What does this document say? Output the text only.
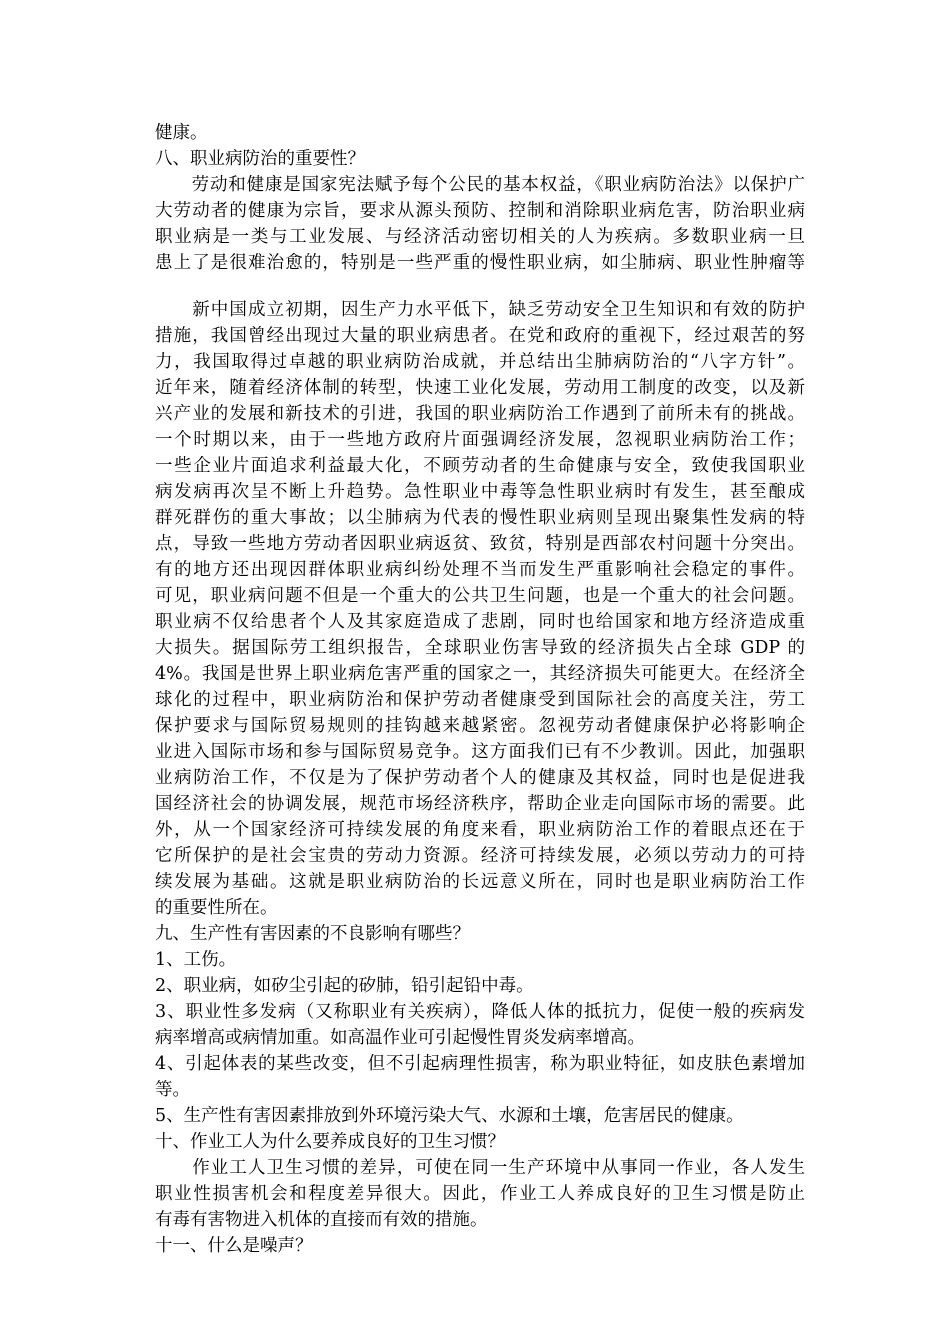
健康。
八、职业病防治的重要性？
　　劳动和健康是国家宪法赋予每个公民的基本权益，《职业病防治法》以保护广
大劳动者的健康为宗旨，要求从源头预防、控制和消除职业病危害，防治职业病
职业病是一类与工业发展、与经济活动密切相关的人为疾病。多数职业病一旦
患上了是很难治愈的，特别是一些严重的慢性职业病，如尘肺病、职业性肿瘤等
　　新中国成立初期，因生产力水平低下，缺乏劳动安全卫生知识和有效的防护
措施，我国曾经出现过大量的职业病患者。在党和政府的重视下，经过艰苦的努
力，我国取得过卓越的职业病防治成就，并总结出尘肺病防治的“八字方针”。
近年来，随着经济体制的转型，快速工业化发展，劳动用工制度的改变，以及新
兴产业的发展和新技术的引进，我国的职业病防治工作遇到了前所未有的挑战。
一个时期以来，由于一些地方政府片面强调经济发展，忽视职业病防治工作；
一些企业片面追求利益最大化，不顾劳动者的生命健康与安全，致使我国职业
病发病再次呈不断上升趋势。急性职业中毒等急性职业病时有发生，甚至酿成
群死群伤的重大事故；以尘肺病为代表的慢性职业病则呈现出聚集性发病的特
点，导致一些地方劳动者因职业病返贫、致贫，特别是西部农村问题十分突出。
有的地方还出现因群体职业病纠纷处理不当而发生严重影响社会稳定的事件。
可见，职业病问题不但是一个重大的公共卫生问题，也是一个重大的社会问题。
职业病不仅给患者个人及其家庭造成了悲剧，同时也给国家和地方经济造成重
大损失。据国际劳工组织报告，全球职业伤害导致的经济损失占全球 GDP 的
4%。我国是世界上职业病危害严重的国家之一，其经济损失可能更大。在经济全
球化的过程中，职业病防治和保护劳动者健康受到国际社会的高度关注，劳工
保护要求与国际贸易规则的挂钩越来越紧密。忽视劳动者健康保护必将影响企
业进入国际市场和参与国际贸易竞争。这方面我们已有不少教训。因此，加强职
业病防治工作，不仅是为了保护劳动者个人的健康及其权益，同时也是促进我
国经济社会的协调发展，规范市场经济秩序，帮助企业走向国际市场的需要。此
外，从一个国家经济可持续发展的角度来看，职业病防治工作的着眼点还在于
它所保护的是社会宝贵的劳动力资源。经济可持续发展，必须以劳动力的可持
续发展为基础。这就是职业病防治的长远意义所在，同时也是职业病防治工作
的重要性所在。
九、生产性有害因素的不良影响有哪些？
1、工伤。
2、职业病，如矽尘引起的矽肺，铅引起铅中毒。
3、职业性多发病（又称职业有关疾病），降低人体的抵抗力，促使一般的疾病发
病率增高或病情加重。如高温作业可引起慢性胃炎发病率增高。
4、引起体表的某些改变，但不引起病理性损害，称为职业特征，如皮肤色素增加
等。
5、生产性有害因素排放到外环境污染大气、水源和土壤，危害居民的健康。
十、作业工人为什么要养成良好的卫生习惯？
　　作业工人卫生习惯的差异，可使在同一生产环境中从事同一作业，各人发生
职业性损害机会和程度差异很大。因此，作业工人养成良好的卫生习惯是防止
有毒有害物进入机体的直接而有效的措施。
十一、什么是噪声？
